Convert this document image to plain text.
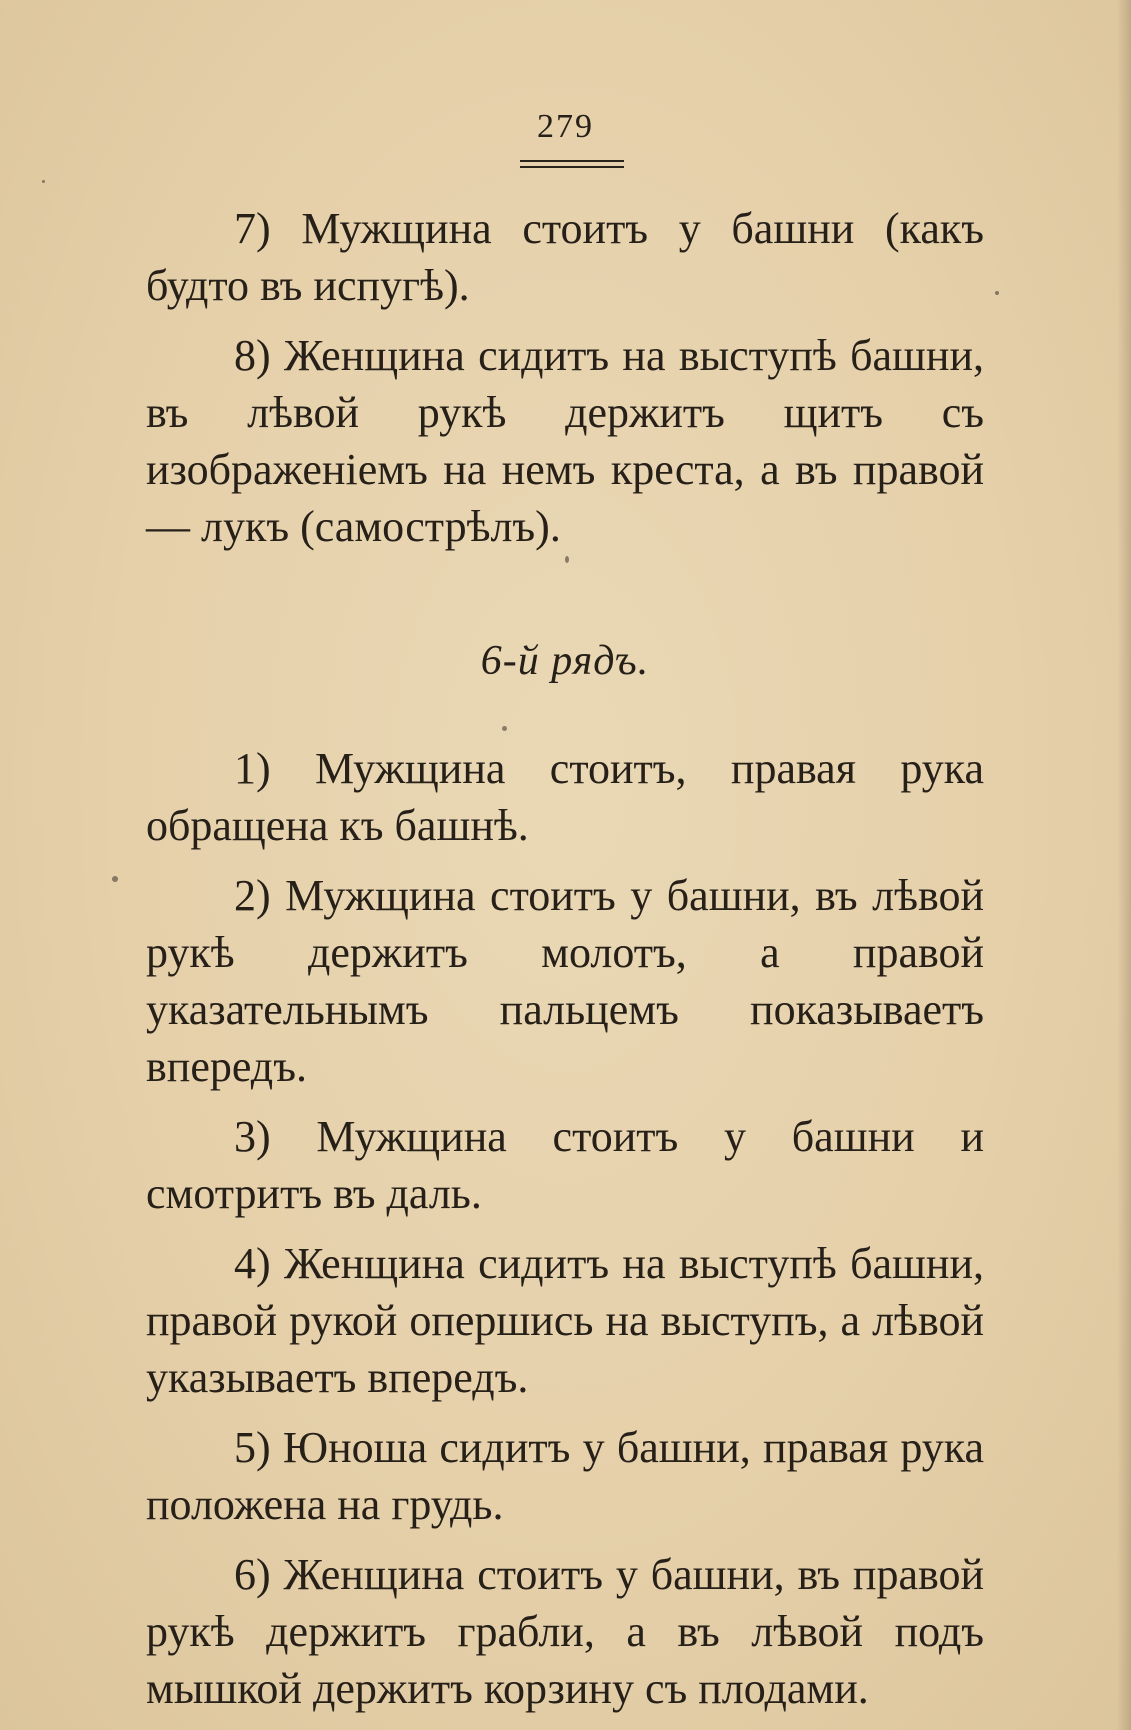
279

7) Мужщина стоитъ у башни (какъ будто въ испугѣ).

8) Женщина сидитъ на выступѣ башни, въ лѣвой рукѣ держитъ щитъ съ изображеніемъ на немъ креста, а въ правой — лукъ (самострѣлъ).

6-й рядъ.

1) Мужщина стоитъ, правая рука обращена къ башнѣ.

2) Мужщина стоитъ у башни, въ лѣвой рукѣ держитъ молотъ, а правой указательнымъ пальцемъ показываетъ впередъ.

3) Мужщина стоитъ у башни и смотритъ въ даль.

4) Женщина сидитъ на выступѣ башни, правой рукой опершись на выступъ, а лѣвой указываетъ впередъ.

5) Юноша сидитъ у башни, правая рука положена на грудь.

6) Женщина стоитъ у башни, въ правой рукѣ держитъ грабли, а въ лѣвой подъ мышкой держитъ корзину съ плодами.
